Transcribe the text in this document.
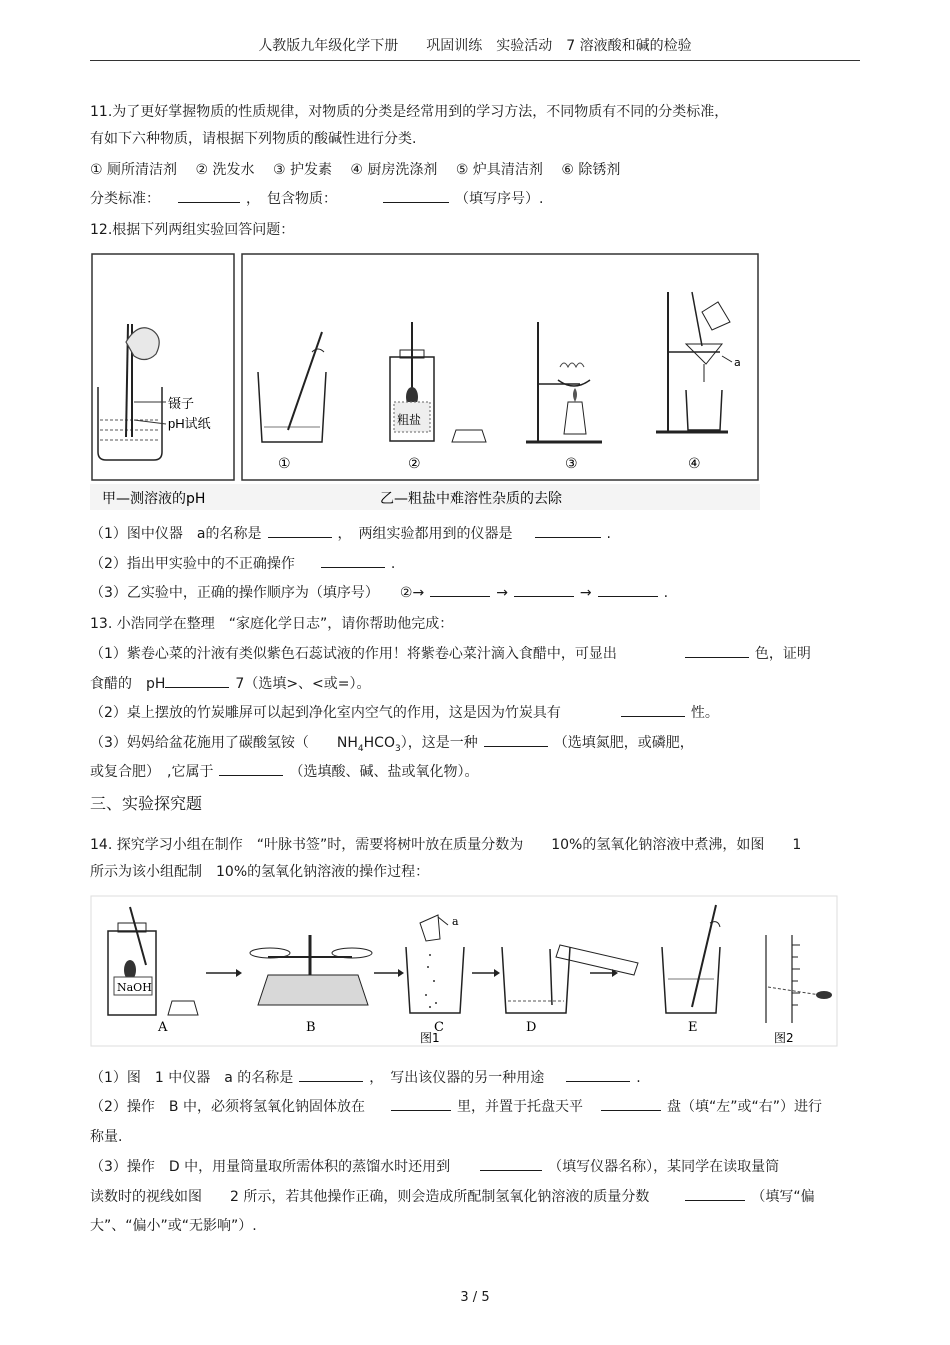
人教版九年级化学下册　　巩固训练　实验活动　7 溶液酸和碱的检验
11.为了更好掌握物质的性质规律，对物质的分类是经常用到的学习方法，不同物质有不同的分类标准，
有如下六种物质，请根据下列物质的酸碱性进行分类.
① 厕所清洁剂 ② 洗发水 ③ 护发素 ④ 厨房洗涤剂 ⑤ 炉具清洁剂 ⑥ 除锈剂
分类标准：	，　包含物质：	（填写序号）.
12.根据下列两组实验回答问题：
镊子
pH试纸
①
粗盐
②	③
a
④
甲—测溶液的pH	乙—粗盐中难溶性杂质的去除
（1）图中仪器　a的名称是	，　两组实验都用到的仪器是	.
（2）指出甲实验中的不正确操作	.
（3）乙实验中，正确的操作顺序为（填序号）　　②→	→	→	.
13. 小浩同学在整理　“家庭化学日志”，请你帮助他完成：
（1）紫卷心菜的汁液有类似紫色石蕊试液的作用！将紫卷心菜汁滴入食醋中，可显出	色，证明
食醋的　pH	7（选填>、<或=）。
（2）桌上摆放的竹炭雕屏可以起到净化室内空气的作用，这是因为竹炭具有	性。
（3）妈妈给盆花施用了碳酸氢铵（　　$NH_4HCO_3$），这是一种	（选填氮肥，或磷肥，
或复合肥）　,它属于	（选填酸、碱、盐或氧化物）。
三、实验探究题
14. 探究学习小组在制作　“叶脉书签”时，需要将树叶放在质量分数为　　10%的氢氧化钠溶液中煮沸，如图　　1
所示为该小组配制　10%的氢氧化钠溶液的操作过程：
NaOH
A	B
a
C	D	E
图1	图2
（1）图　1 中仪器　a 的名称是	，　写出该仪器的另一种用途	.
（2）操作　B 中，必须将氢氧化钠固体放在	里，并置于托盘天平	盘（填“左”或“右”）进行
称量.
（3）操作　D 中，用量筒量取所需体积的蒸馏水时还用到	（填写仪器名称），某同学在读取量筒
读数时的视线如图　　2 所示，若其他操作正确，则会造成所配制氢氧化钠溶液的质量分数	（填写“偏
大”、“偏小”或“无影响”）.
3 / 5
